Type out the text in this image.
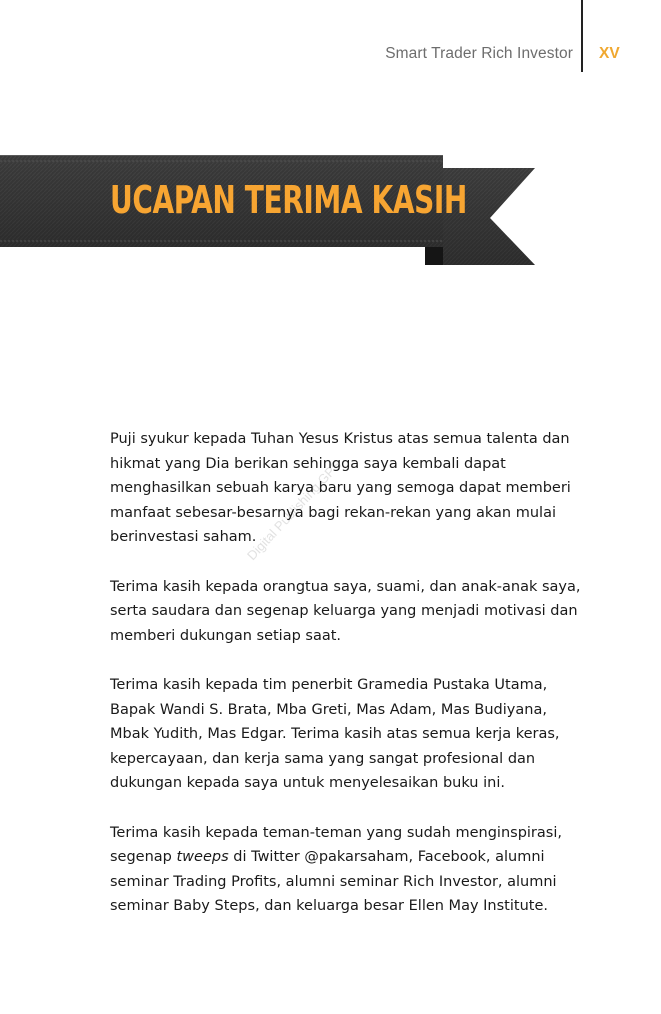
Smart Trader Rich Investor XV
UCAPAN TERIMA KASIH
Digital Publishing GPS

Puji syukur kepada Tuhan Yesus Kristus atas semua talenta dan hikmat yang Dia berikan sehingga saya kembali dapat menghasilkan sebuah karya baru yang semoga dapat memberi manfaat sebesar-besarnya bagi rekan-rekan yang akan mulai berinvestasi saham.

Terima kasih kepada orangtua saya, suami, dan anak-anak saya, serta saudara dan segenap keluarga yang menjadi motivasi dan memberi dukungan setiap saat.

Terima kasih kepada tim penerbit Gramedia Pustaka Utama, Bapak Wandi S. Brata, Mba Greti, Mas Adam, Mas Budiyana, Mbak Yudith, Mas Edgar. Terima kasih atas semua kerja keras, kepercayaan, dan kerja sama yang sangat profesional dan dukungan kepada saya untuk menyelesaikan buku ini.

Terima kasih kepada teman-teman yang sudah menginspirasi, segenap tweeps di Twitter @pakarsaham, Facebook, alumni seminar Trading Profits, alumni seminar Rich Investor, alumni seminar Baby Steps, dan keluarga besar Ellen May Institute.
